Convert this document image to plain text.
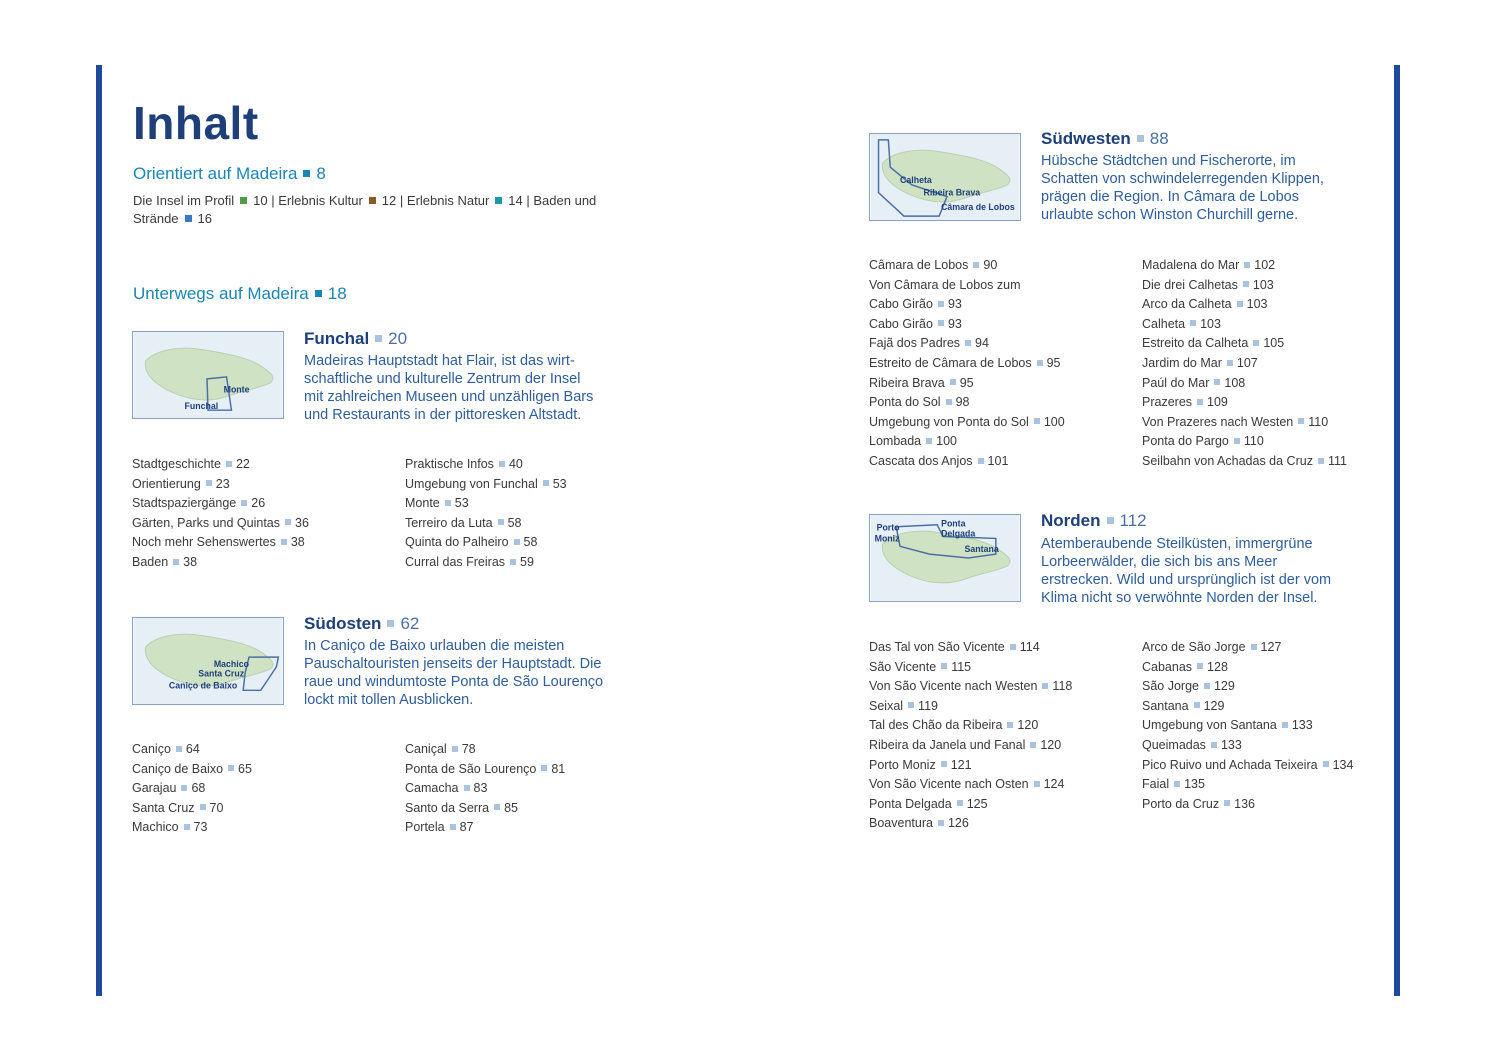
Inhalt
Orientiert auf Madeira 8
Die Insel im Profil 10 | Erlebnis Kultur 12 | Erlebnis Natur 14 | Baden und
Strände 16
Unterwegs auf Madeira 18
Monte
Funchal
Funchal 20
Madeiras Hauptstadt hat Flair, ist das wirt-
schaftliche und kulturelle Zentrum der Insel
mit zahlreichen Museen und unzähligen Bars
und Restaurants in der pittoresken Altstadt.
Stadtgeschichte 22
Orientierung 23
Stadtspaziergänge 26
Gärten, Parks und Quintas 36
Noch mehr Sehenswertes 38
Baden 38
Praktische Infos 40
Umgebung von Funchal 53
Monte 53
Terreiro da Luta 58
Quinta do Palheiro 58
Curral das Freiras 59
Machico
Santa Cruz
Caniço de Baixo
Südosten 62
In Caniço de Baixo urlauben die meisten
Pauschaltouristen jenseits der Hauptstadt. Die
raue und windumtoste Ponta de São Lourenço
lockt mit tollen Ausblicken.
Caniço 64
Caniço de Baixo 65
Garajau 68
Santa Cruz 70
Machico 73
Caniçal 78
Ponta de São Lourenço 81
Camacha 83
Santo da Serra 85
Portela 87
Calheta
Ribeira Brava
Câmara de Lobos
Südwesten 88
Hübsche Städtchen und Fischerorte, im
Schatten von schwindelerregenden Klippen,
prägen die Region. In Câmara de Lobos
urlaubte schon Winston Churchill gerne.
Câmara de Lobos 90
Von Câmara de Lobos zum
Cabo Girão 93
Cabo Girão 93
Fajã dos Padres 94
Estreito de Câmara de Lobos 95
Ribeira Brava 95
Ponta do Sol 98
Umgebung von Ponta do Sol 100
Lombada 100
Cascata dos Anjos 101
Madalena do Mar 102
Die drei Calhetas 103
Arco da Calheta 103
Calheta 103
Estreito da Calheta 105
Jardim do Mar 107
Paúl do Mar 108
Prazeres 109
Von Prazeres nach Westen 110
Ponta do Pargo 110
Seilbahn von Achadas da Cruz 111
Porto
Moniz
Ponta
Delgada
Santana
Norden 112
Atemberaubende Steilküsten, immergrüne
Lorbeerwälder, die sich bis ans Meer
erstrecken. Wild und ursprünglich ist der vom
Klima nicht so verwöhnte Norden der Insel.
Das Tal von São Vicente 114
São Vicente 115
Von São Vicente nach Westen 118
Seixal 119
Tal des Chão da Ribeira 120
Ribeira da Janela und Fanal 120
Porto Moniz 121
Von São Vicente nach Osten 124
Ponta Delgada 125
Boaventura 126
Arco de São Jorge 127
Cabanas 128
São Jorge 129
Santana 129
Umgebung von Santana 133
Queimadas 133
Pico Ruivo und Achada Teixeira 134
Faial 135
Porto da Cruz 136
